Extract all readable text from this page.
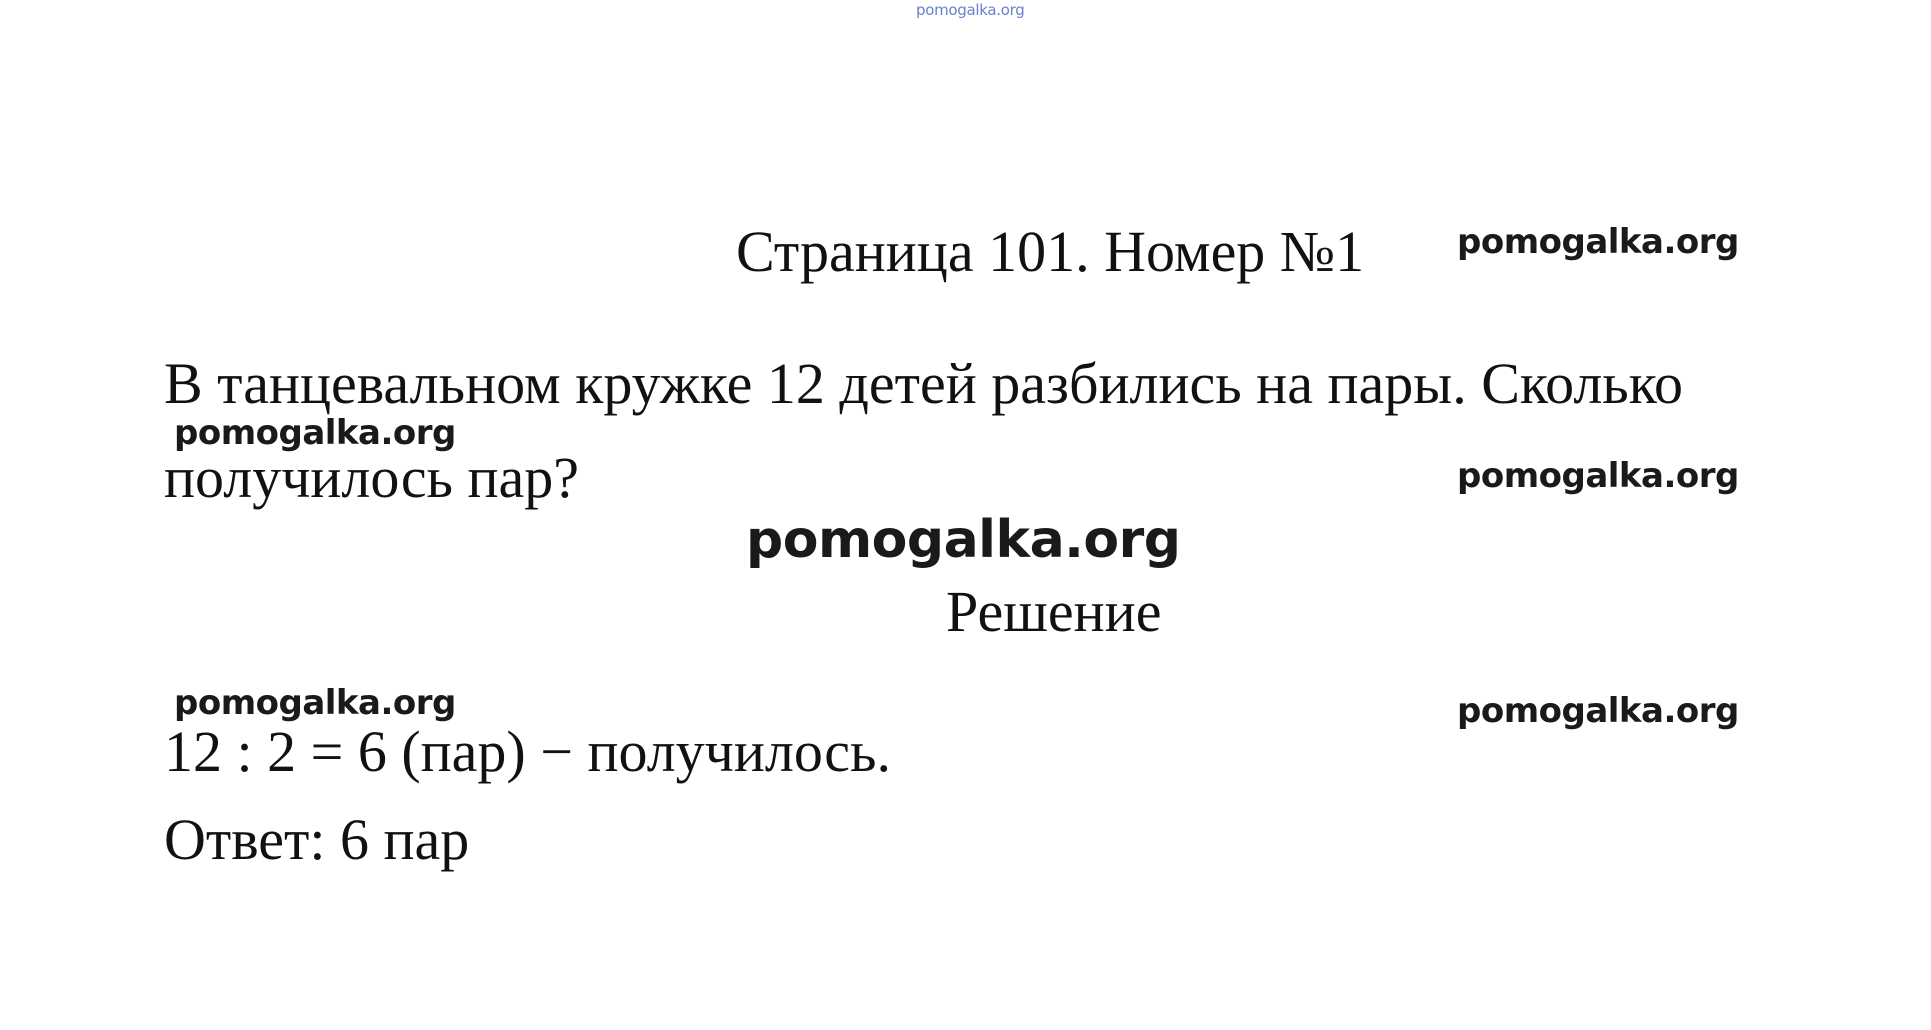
pomogalka.org
Страница 101. Номер №1	pomogalka.org

В танцевальном кружке 12 детей разбились на пары. Сколько

pomogalka.org

получилось пар?	pomogalka.org
pomogalka.org
Решение
pomogalka.org	pomogalka.org

12 : 2 = 6 (пар) − получилось.

Ответ: 6 пар
